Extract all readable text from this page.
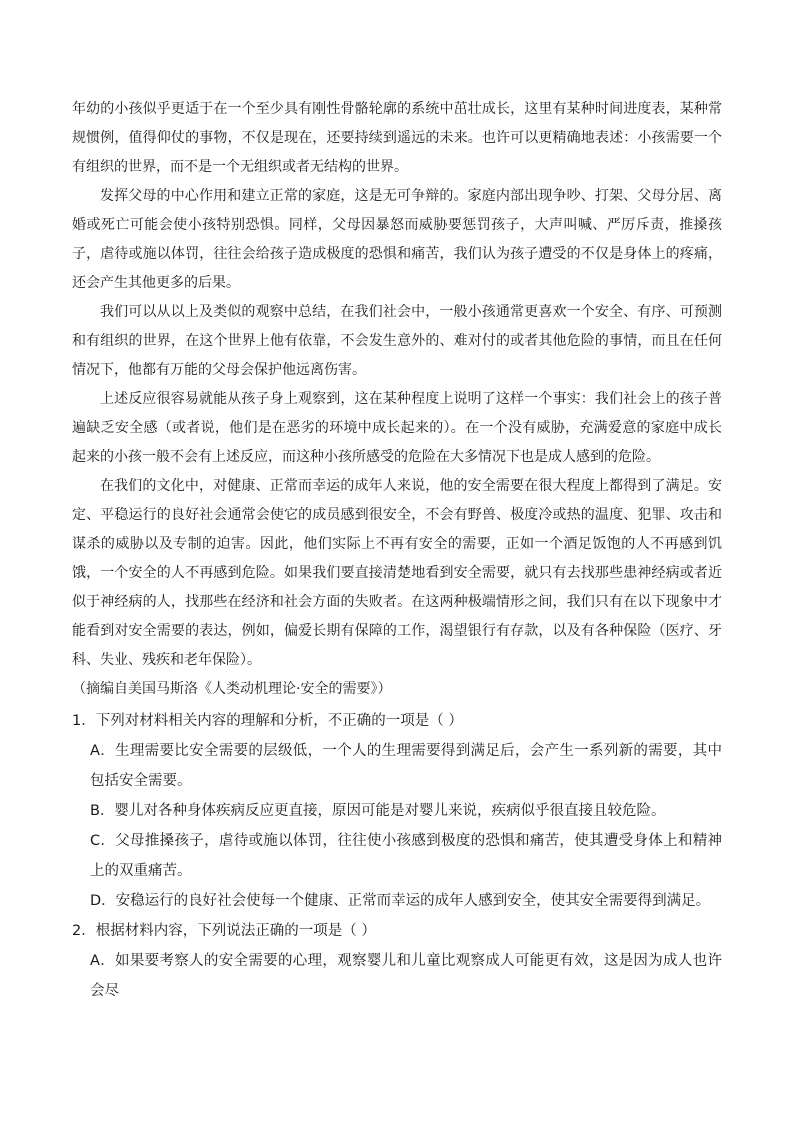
年幼的小孩似乎更适于在一个至少具有刚性骨骼轮廓的系统中茁壮成长，这里有某种时间进度表，某种常规惯例，值得仰仗的事物，不仅是现在，还要持续到遥远的未来。也许可以更精确地表述：小孩需要一个有组织的世界，而不是一个无组织或者无结构的世界。

发挥父母的中心作用和建立正常的家庭，这是无可争辩的。家庭内部出现争吵、打架、父母分居、离婚或死亡可能会使小孩特别恐惧。同样，父母因暴怒而威胁要惩罚孩子，大声叫喊、严厉斥责，推搡孩子，虐待或施以体罚，往往会给孩子造成极度的恐惧和痛苦，我们认为孩子遭受的不仅是身体上的疼痛，还会产生其他更多的后果。

我们可以从以上及类似的观察中总结，在我们社会中，一般小孩通常更喜欢一个安全、有序、可预测和有组织的世界，在这个世界上他有依靠，不会发生意外的、难对付的或者其他危险的事情，而且在任何情况下，他都有万能的父母会保护他远离伤害。

上述反应很容易就能从孩子身上观察到，这在某种程度上说明了这样一个事实：我们社会上的孩子普遍缺乏安全感（或者说，他们是在恶劣的环境中成长起来的）。在一个没有威胁，充满爱意的家庭中成长起来的小孩一般不会有上述反应，而这种小孩所感受的危险在大多情况下也是成人感到的危险。

在我们的文化中，对健康、正常而幸运的成年人来说，他的安全需要在很大程度上都得到了满足。安定、平稳运行的良好社会通常会使它的成员感到很安全，不会有野兽、极度冷或热的温度、犯罪、攻击和谋杀的威胁以及专制的迫害。因此，他们实际上不再有安全的需要，正如一个酒足饭饱的人不再感到饥饿，一个安全的人不再感到危险。如果我们要直接清楚地看到安全需要，就只有去找那些患神经病或者近似于神经病的人，找那些在经济和社会方面的失败者。在这两种极端情形之间，我们只有在以下现象中才能看到对安全需要的表达，例如，偏爱长期有保障的工作，渴望银行有存款，以及有各种保险（医疗、牙科、失业、残疾和老年保险）。

（摘编自美国马斯洛《人类动机理论·安全的需要》）

1．下列对材料相关内容的理解和分析，不正确的一项是（ ）

A．生理需要比安全需要的层级低，一个人的生理需要得到满足后，会产生一系列新的需要，其中包括安全需要。

B．婴儿对各种身体疾病反应更直接，原因可能是对婴儿来说，疾病似乎很直接且较危险。

C．父母推搡孩子，虐待或施以体罚，往往使小孩感到极度的恐惧和痛苦，使其遭受身体上和精神上的双重痛苦。

D．安稳运行的良好社会使每一个健康、正常而幸运的成年人感到安全，使其安全需要得到满足。

2．根据材料内容，下列说法正确的一项是（ ）

A．如果要考察人的安全需要的心理，观察婴儿和儿童比观察成人可能更有效，这是因为成人也许会尽
